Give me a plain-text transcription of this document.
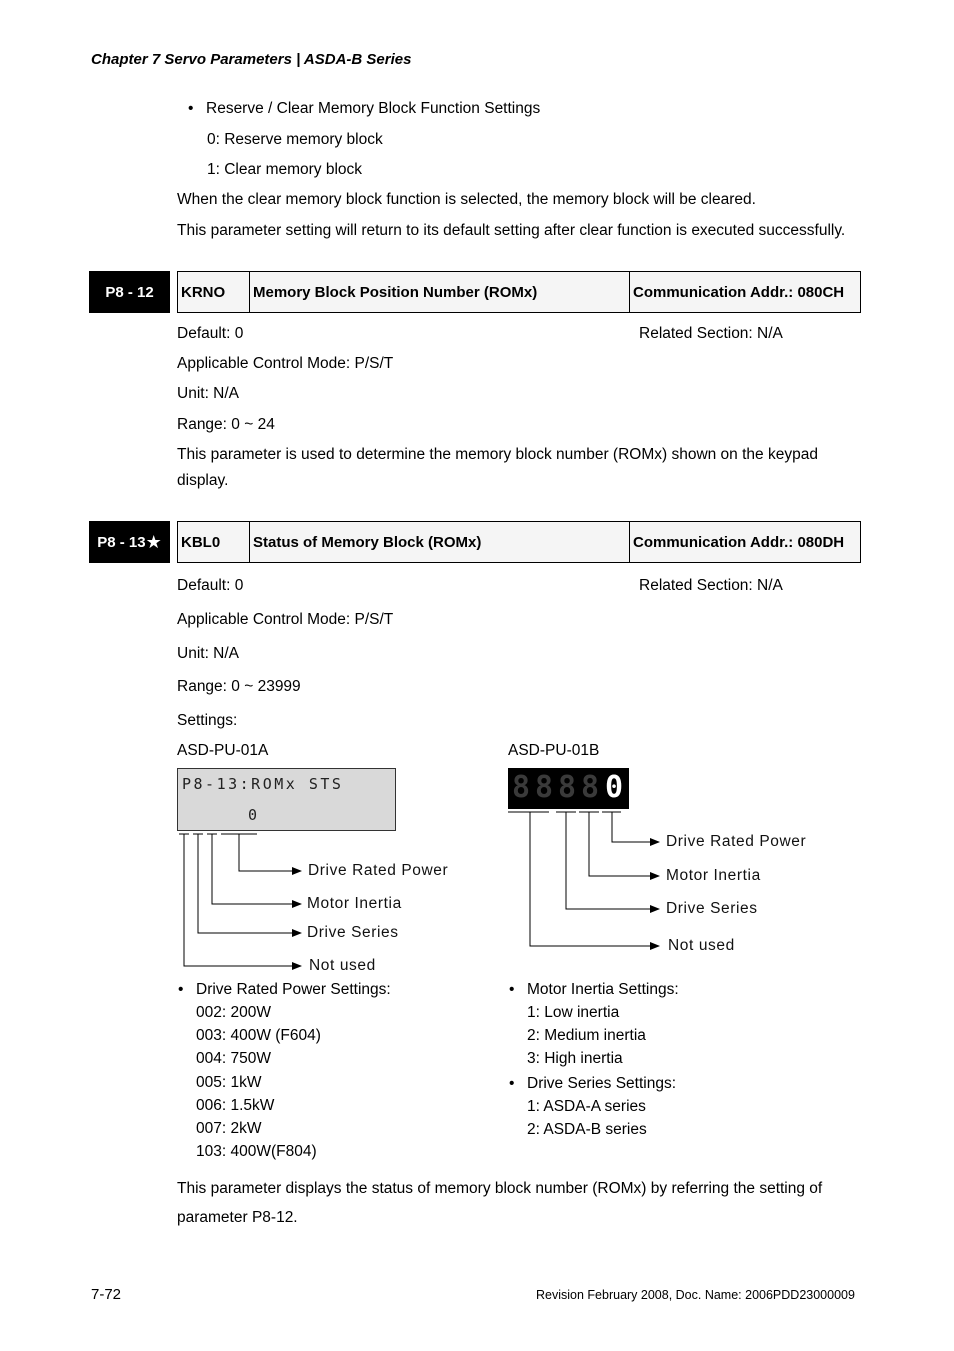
Chapter 7 Servo Parameters | ASDA-B Series
• Reserve / Clear Memory Block Function Settings
0: Reserve memory block
1: Clear memory block
When the clear memory block function is selected, the memory block will be cleared.
This parameter setting will return to its default setting after clear function is executed successfully.
P8 - 12	KRNO	Memory Block Position Number (ROMx)	Communication Addr.: 080CH
Default: 0	Related Section: N/A
Applicable Control Mode: P/S/T
Unit: N/A
Range: 0 ~ 24
This parameter is used to determine the memory block number (ROMx) shown on the keypad
display.
P8 - 13 ★ KBL0	Status of Memory Block (ROMx)	Communication Addr.: 080DH
Default: 0	Related Section: N/A
Applicable Control Mode: P/S/T
Unit: N/A
Range: 0 ~ 23999
Settings:
ASD-PU-01A	ASD-PU-01B
P8-13:ROMx STS
0
8 8 8 8 0
Drive Rated Power
Motor Inertia
Drive Series
Not used
Drive Rated Power
Motor Inertia
Drive Series
Not used
• Drive Rated Power Settings:
002: 200W
003: 400W (F604)
004: 750W
005: 1kW
006: 1.5kW
007: 2kW
103: 400W(F804)
• Motor Inertia Settings:
1: Low inertia
2: Medium inertia
3: High inertia
• Drive Series Settings:
1: ASDA-A series
2: ASDA-B series
This parameter displays the status of memory block number (ROMx) by referring the setting of
parameter P8-12.
7-72	Revision February 2008, Doc. Name: 2006PDD23000009
